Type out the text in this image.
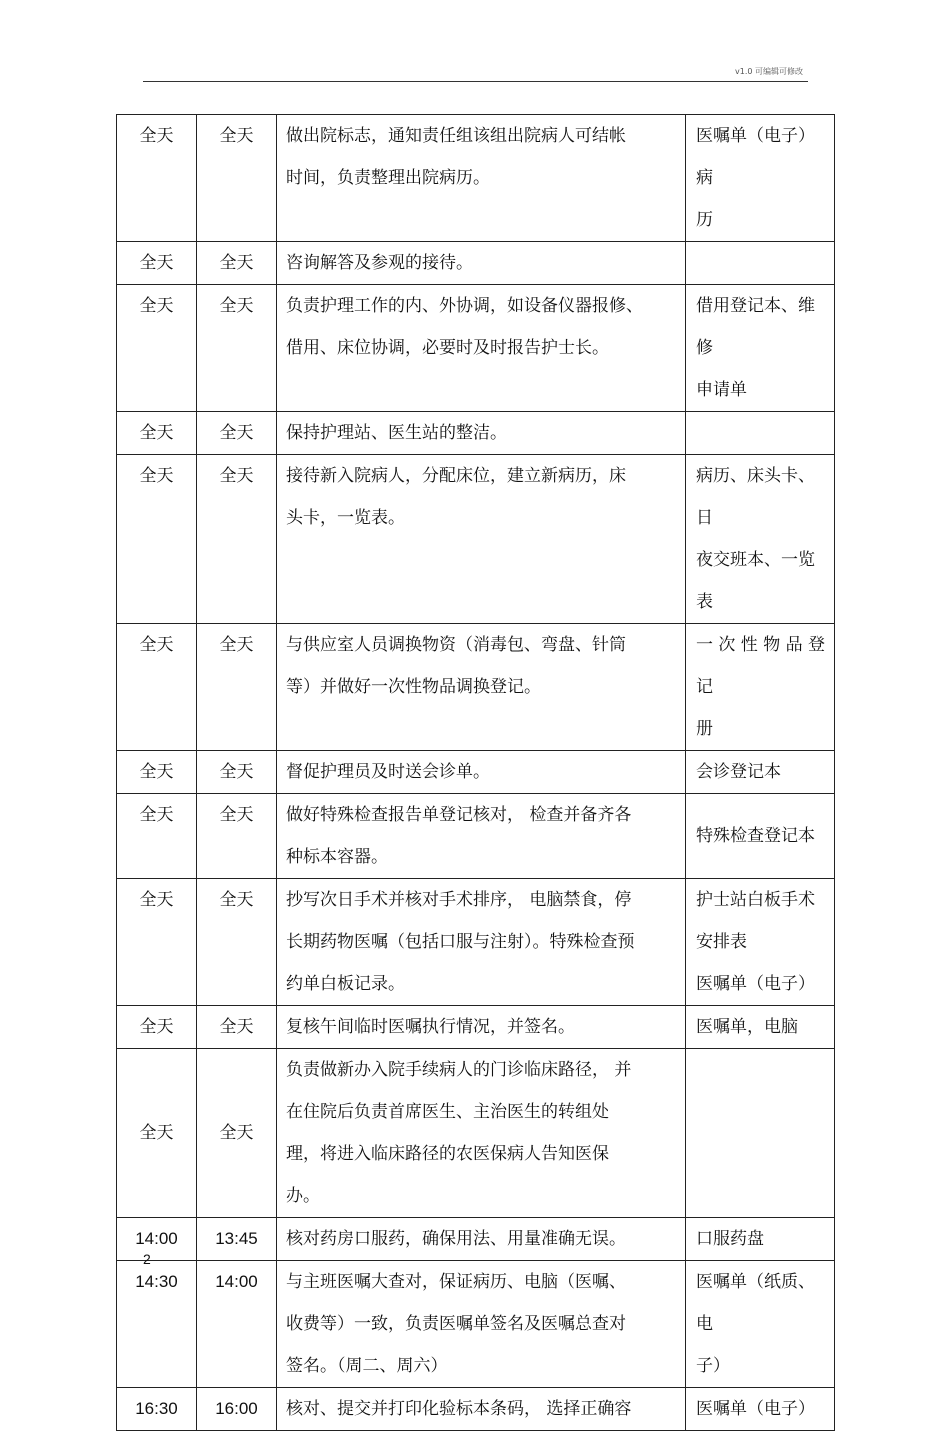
v1.0 可编辑可修改
全天	全天	做出院标志，通知责任组该组出院病人可结帐
时间，负责整理出院病历。	医嘱单（电子）病
历

全天	全天	咨询解答及参观的接待。	

全天	全天	负责护理工作的内、外协调，如设备仪器报修、
借用、床位协调，必要时及时报告护士长。	借用登记本、维修
申请单

全天	全天	保持护理站、医生站的整洁。	

全天	全天	接待新入院病人，分配床位，建立新病历，床
头卡，一览表。	病历、床头卡、日
夜交班本、一览表

全天	全天	与供应室人员调换物资（消毒包、弯盘、针筒
等）并做好一次性物品调换登记。	一 次 性 物 品 登 记
册

全天	全天	督促护理员及时送会诊单。	会诊登记本

全天	全天	做好特殊检查报告单登记核对， 检查并备齐各
种标本容器。	特殊检查登记本

全天	全天	抄写次日手术并核对手术排序， 电脑禁食，停
长期药物医嘱（包括口服与注射）。特殊检查预
约单白板记录。	护士站白板手术
安排表
医嘱单（电子）

全天	全天	复核午间临时医嘱执行情况，并签名。	医嘱单，电脑

全天	全天	负责做新办入院手续病人的门诊临床路径， 并
在住院后负责首席医生、主治医生的转组处
理，将进入临床路径的农医保病人告知医保
办。	

14:00	13:45	核对药房口服药，确保用法、用量准确无误。	口服药盘

14:30	14:00	与主班医嘱大查对，保证病历、电脑（医嘱、
收费等）一致，负责医嘱单签名及医嘱总查对
签名。（周二、周六）	医嘱单（纸质、电
子）

16:30	16:00	核对、提交并打印化验标本条码， 选择正确容	医嘱单（电子）
2
